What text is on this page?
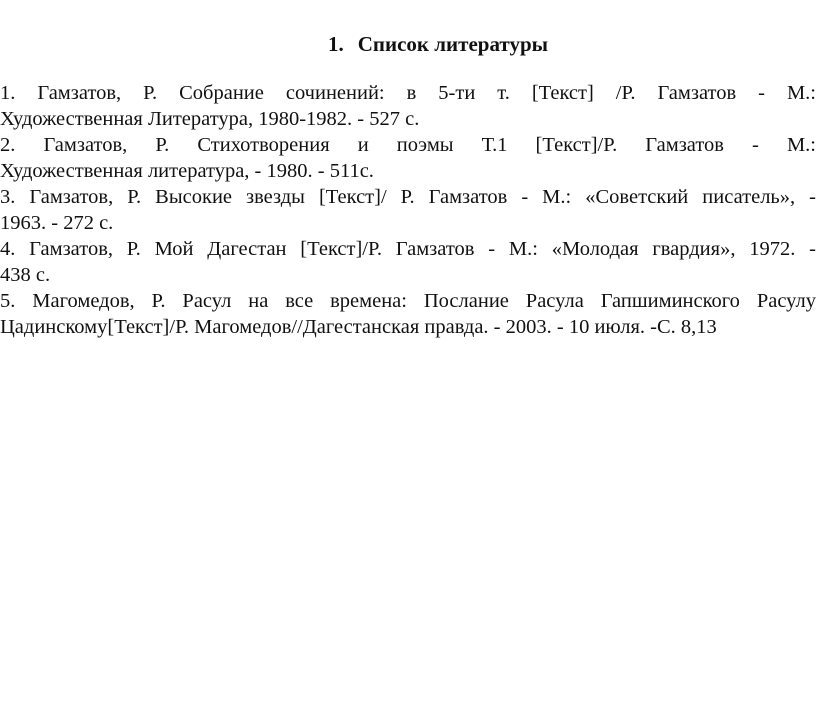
1. Список литературы

1. Гамзатов, Р. Собрание сочинений: в 5-ти т. [Текст] /Р. Гамзатов - М.:
Художественная Литература, 1980-1982. - 527 с.

2. Гамзатов, Р. Стихотворения и поэмы Т.1 [Текст]/Р. Гамзатов - М.:
Художественная литература, - 1980. - 511с.

3. Гамзатов, Р. Высокие звезды [Текст]/ Р. Гамзатов - М.: «Советский писатель», -
1963. - 272 с.

4. Гамзатов, Р. Мой Дагестан [Текст]/Р. Гамзатов - М.: «Молодая гвардия», 1972. -
438 с.

5. Магомедов, Р. Расул на все времена: Послание Расула Гапшиминского Расулу
Цадинскому[Текст]/Р. Магомедов//Дагестанская правда. - 2003. - 10 июля. -С. 8,13
